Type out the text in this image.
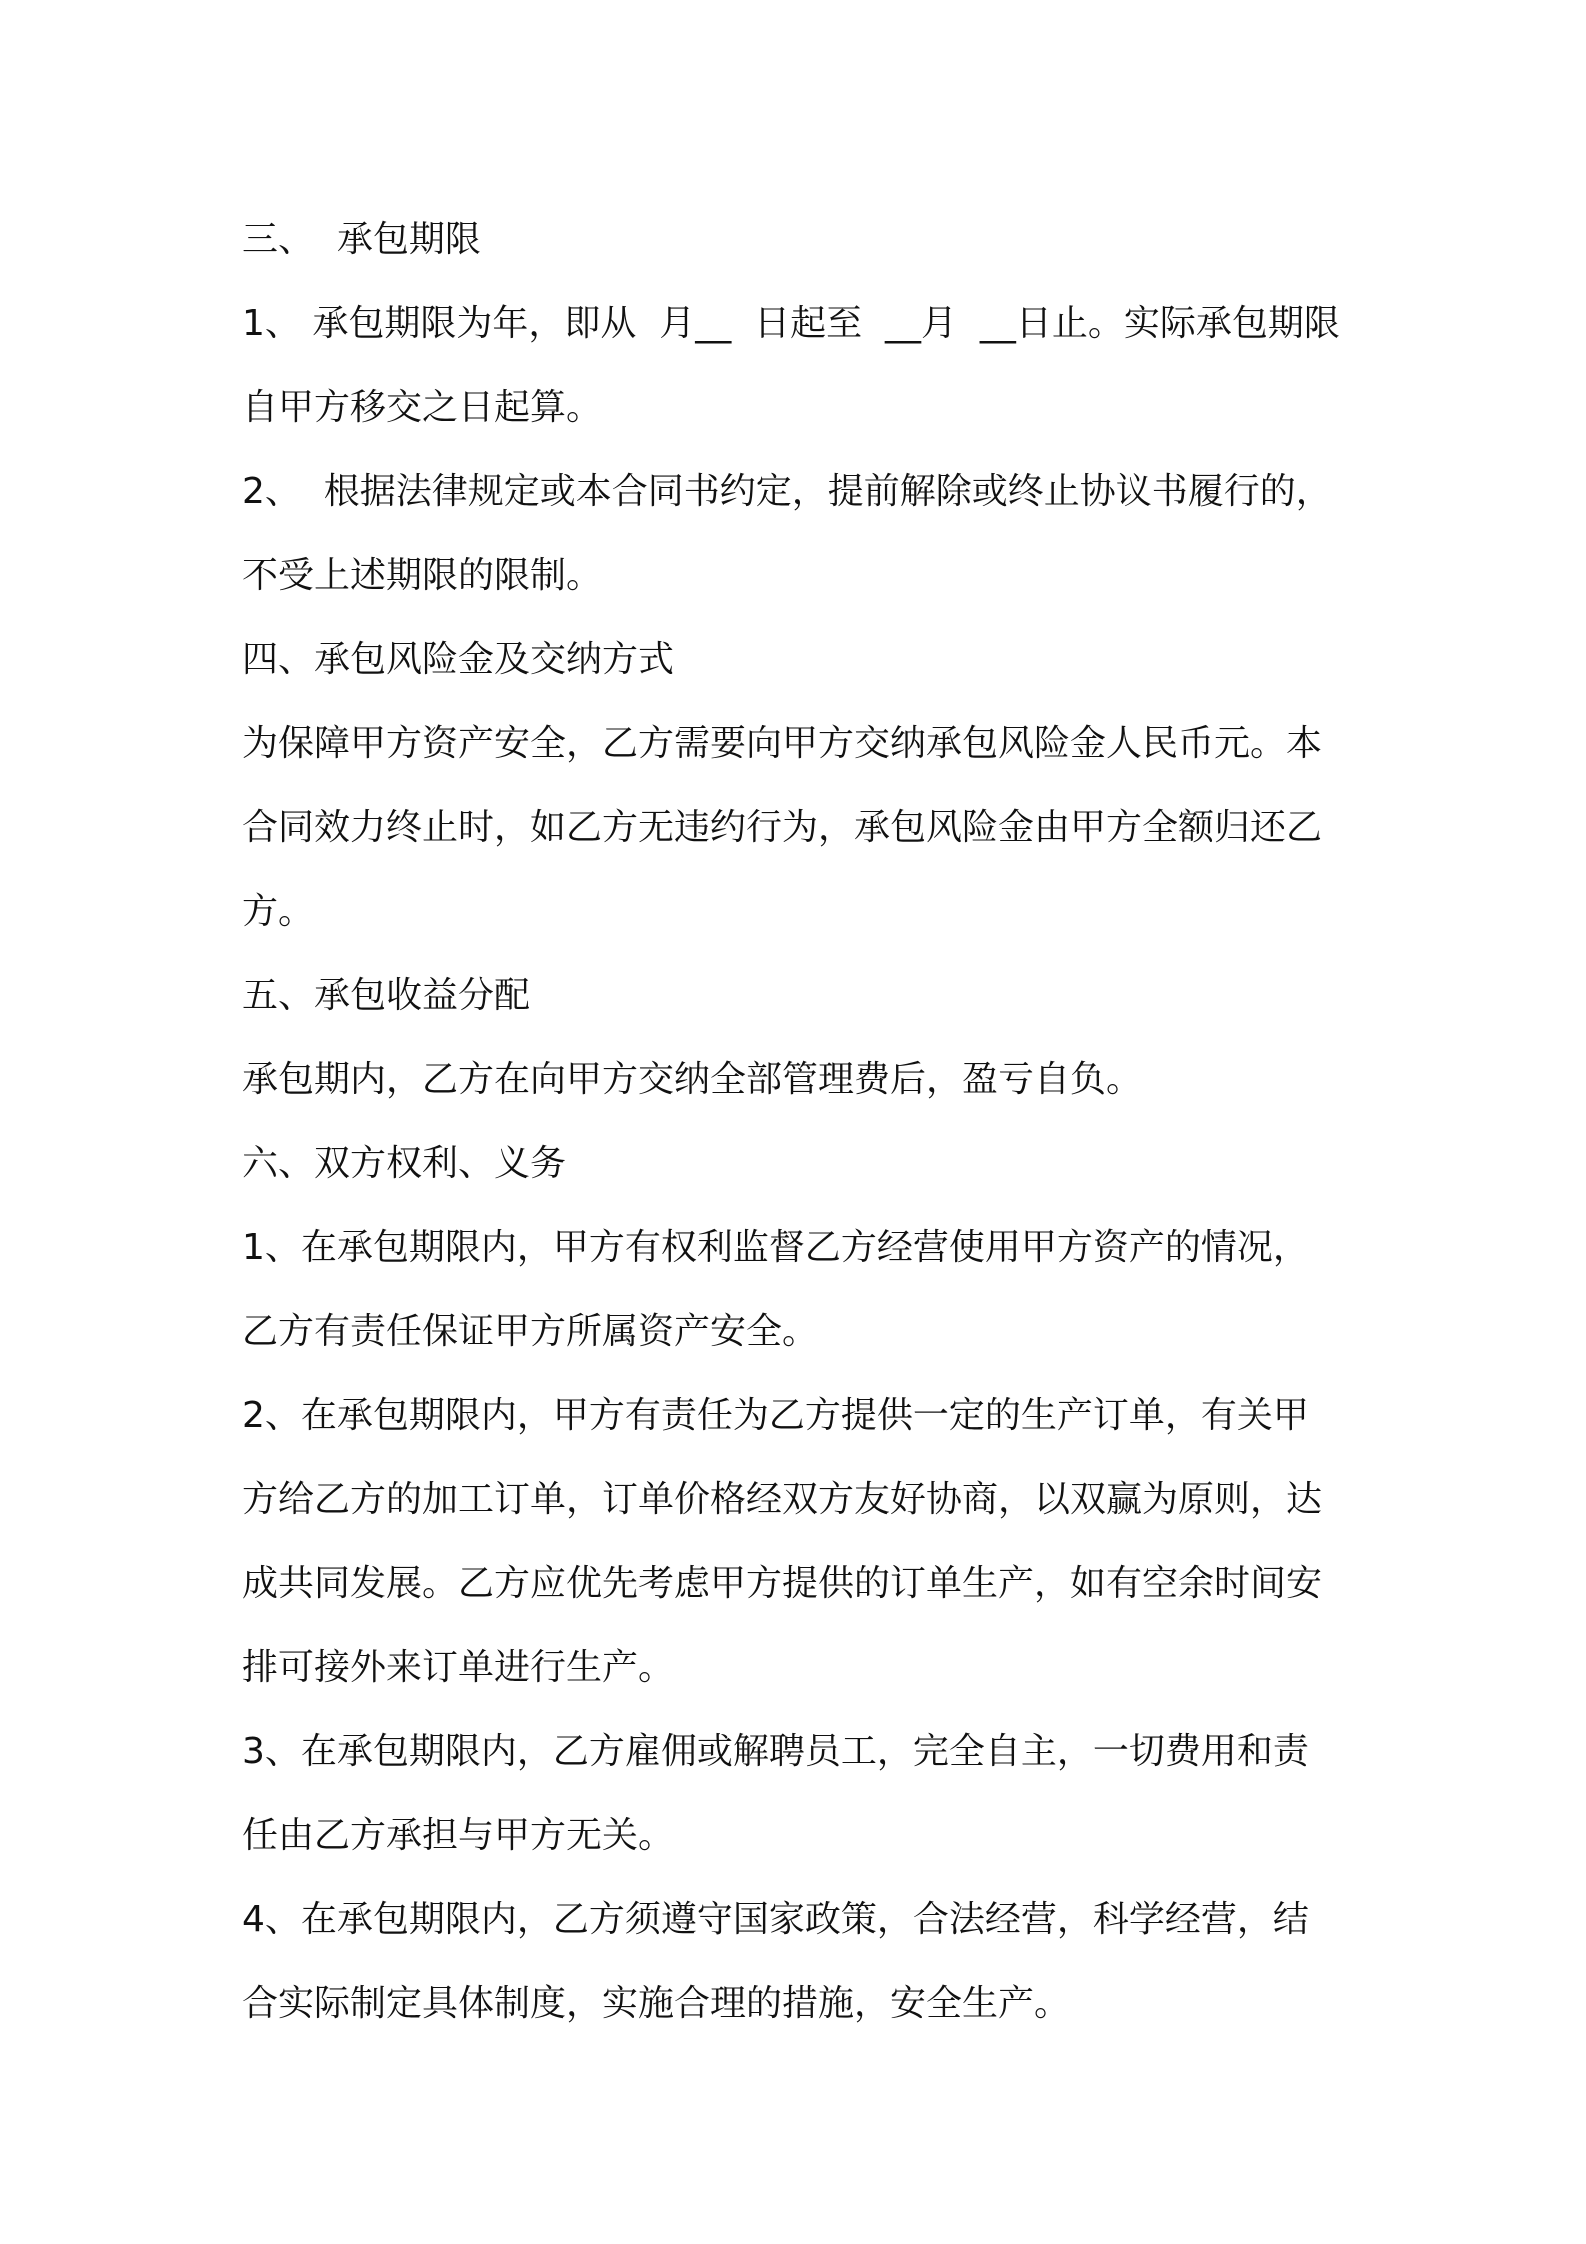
三、  承包期限

1、 承包期限为年，即从  月__  日起至  __月  __日止。实际承包期限

自甲方移交之日起算。

2、  根据法律规定或本合同书约定，提前解除或终止协议书履行的，

不受上述期限的限制。

四、承包风险金及交纳方式

为保障甲方资产安全，乙方需要向甲方交纳承包风险金人民币元。本

合同效力终止时，如乙方无违约行为，承包风险金由甲方全额归还乙

方。

五、承包收益分配

承包期内，乙方在向甲方交纳全部管理费后，盈亏自负。

六、双方权利、义务

1、在承包期限内，甲方有权利监督乙方经营使用甲方资产的情况，

乙方有责任保证甲方所属资产安全。

2、在承包期限内，甲方有责任为乙方提供一定的生产订单，有关甲

方给乙方的加工订单，订单价格经双方友好协商，以双赢为原则，达

成共同发展。乙方应优先考虑甲方提供的订单生产，如有空余时间安

排可接外来订单进行生产。

3、在承包期限内，乙方雇佣或解聘员工，完全自主，一切费用和责

任由乙方承担与甲方无关。

4、在承包期限内，乙方须遵守国家政策，合法经营，科学经营，结

合实际制定具体制度，实施合理的措施，安全生产。
